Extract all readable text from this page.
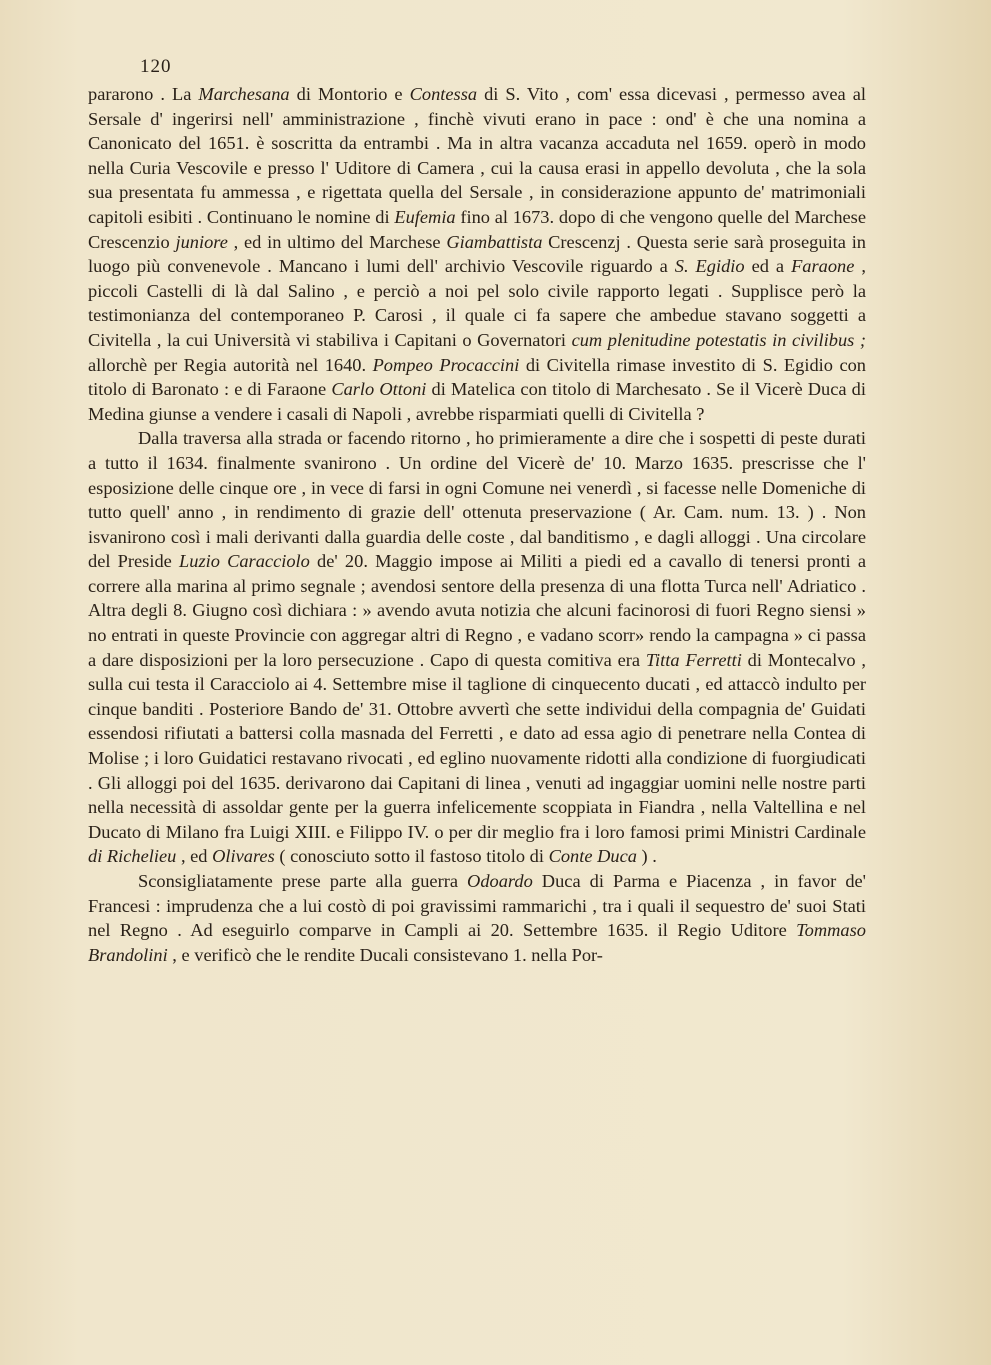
120

pararono . La Marchesana di Montorio e Contessa di S. Vito , com' essa dicevasi , permesso avea al Sersale d' ingerirsi nell' amministrazione , finchè vivuti erano in pace : ond' è che una nomina a Canonicato del 1651. è soscritta da entrambi . Ma in altra vacanza accaduta nel 1659. operò in modo nella Curia Vescovile e presso l' Uditore di Camera , cui la causa erasi in appello devoluta , che la sola sua presentata fu ammessa , e rigettata quella del Sersale , in considerazione appunto de' matrimoniali capitoli esibiti . Continuano le nomine di Eufemia fino al 1673. dopo di che vengono quelle del Marchese Crescenzio juniore , ed in ultimo del Marchese Giambattista Crescenzj . Questa serie sarà proseguita in luogo più convenevole . Mancano i lumi dell' archivio Vescovile riguardo a S. Egidio ed a Faraone , piccoli Castelli di là dal Salino , e perciò a noi pel solo civile rapporto legati . Supplisce però la testimonianza del contemporaneo P. Carosi , il quale ci fa sapere che ambedue stavano soggetti a Civitella , la cui Università vi stabiliva i Capitani o Governatori cum plenitudine potestatis in civilibus ; allorchè per Regia autorità nel 1640. Pompeo Procaccini di Civitella rimase investito di S. Egidio con titolo di Baronato : e di Faraone Carlo Ottoni di Matelica con titolo di Marchesato . Se il Vicerè Duca di Medina giunse a vendere i casali di Napoli , avrebbe risparmiati quelli di Civitella ?

Dalla traversa alla strada or facendo ritorno , ho primieramente a dire che i sospetti di peste durati a tutto il 1634. finalmente svanirono . Un ordine del Vicerè de' 10. Marzo 1635. prescrisse che l' esposizione delle cinque ore , in vece di farsi in ogni Comune nei venerdì , si facesse nelle Domeniche di tutto quell' anno , in rendimento di grazie dell' ottenuta preservazione ( Ar. Cam. num. 13. ) . Non isvanirono così i mali derivanti dalla guardia delle coste , dal banditismo , e dagli alloggi . Una circolare del Preside Luzio Caracciolo de' 20. Maggio impose ai Militi a piedi ed a cavallo di tenersi pronti a correre alla marina al primo segnale ; avendosi sentore della presenza di una flotta Turca nell' Adriatico . Altra degli 8. Giugno così dichiara : » avendo avuta notizia che alcuni facinorosi di fuori Regno siensi » no entrati in queste Provincie con aggregar altri di Regno , e vadano scorr» rendo la campagna » ci passa a dare disposizioni per la loro persecuzione . Capo di questa comitiva era Titta Ferretti di Montecalvo , sulla cui testa il Caracciolo ai 4. Settembre mise il taglione di cinquecento ducati , ed attaccò indulto per cinque banditi . Posteriore Bando de' 31. Ottobre avvertì che sette individui della compagnia de' Guidati essendosi rifiutati a battersi colla masnada del Ferretti , e dato ad essa agio di penetrare nella Contea di Molise ; i loro Guidatici restavano rivocati , ed eglino nuovamente ridotti alla condizione di fuorgiudicati . Gli alloggi poi del 1635. derivarono dai Capitani di linea , venuti ad ingaggiar uomini nelle nostre parti nella necessità di assoldar gente per la guerra infelicemente scoppiata in Fiandra , nella Valtellina e nel Ducato di Milano fra Luigi XIII. e Filippo IV. o per dir meglio fra i loro famosi primi Ministri Cardinale di Richelieu , ed Olivares ( conosciuto sotto il fastoso titolo di Conte Duca ) .

Sconsigliatamente prese parte alla guerra Odoardo Duca di Parma e Piacenza , in favor de' Francesi : imprudenza che a lui costò di poi gravissimi rammarichi , tra i quali il sequestro de' suoi Stati nel Regno . Ad eseguirlo comparve in Campli ai 20. Settembre 1635. il Regio Uditore Tommaso Brandolini , e verificò che le rendite Ducali consistevano 1. nella Por-
